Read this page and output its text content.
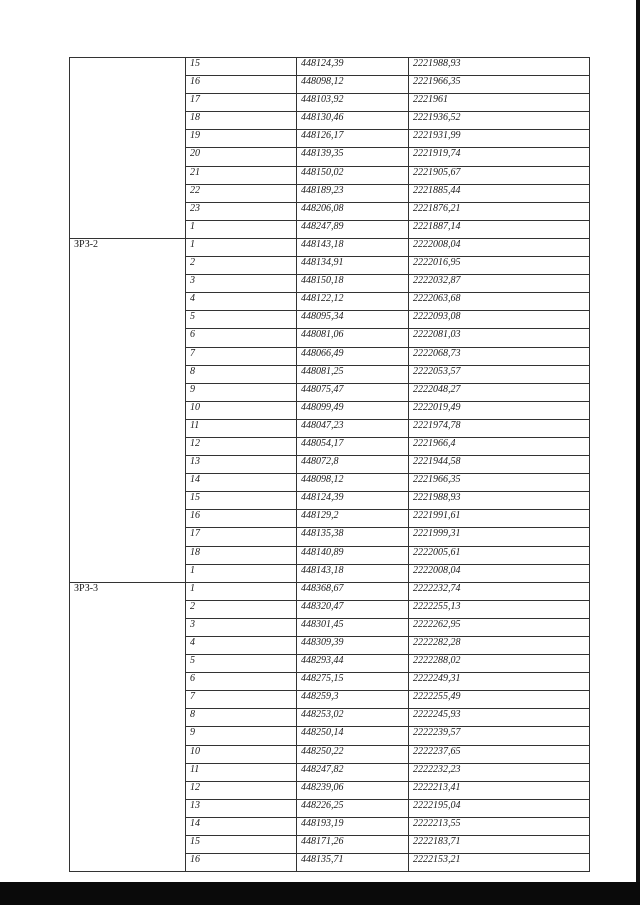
	15	448124,39	2221988,93
	16	448098,12	2221966,35
	17	448103,92	2221961
	18	448130,46	2221936,52
	19	448126,17	2221931,99
	20	448139,35	2221919,74
	21	448150,02	2221905,67
	22	448189,23	2221885,44
	23	448206,08	2221876,21
	1	448247,89	2221887,14
ЗРЗ-2	1	448143,18	2222008,04
	2	448134,91	2222016,95
	3	448150,18	2222032,87
	4	448122,12	2222063,68
	5	448095,34	2222093,08
	6	448081,06	2222081,03
	7	448066,49	2222068,73
	8	448081,25	2222053,57
	9	448075,47	2222048,27
	10	448099,49	2222019,49
	11	448047,23	2221974,78
	12	448054,17	2221966,4
	13	448072,8	2221944,58
	14	448098,12	2221966,35
	15	448124,39	2221988,93
	16	448129,2	2221991,61
	17	448135,38	2221999,31
	18	448140,89	2222005,61
	1	448143,18	2222008,04
ЗРЗ-3	1	448368,67	2222232,74
	2	448320,47	2222255,13
	3	448301,45	2222262,95
	4	448309,39	2222282,28
	5	448293,44	2222288,02
	6	448275,15	2222249,31
	7	448259,3	2222255,49
	8	448253,02	2222245,93
	9	448250,14	2222239,57
	10	448250,22	2222237,65
	11	448247,82	2222232,23
	12	448239,06	2222213,41
	13	448226,25	2222195,04
	14	448193,19	2222213,55
	15	448171,26	2222183,71
	16	448135,71	2222153,21
